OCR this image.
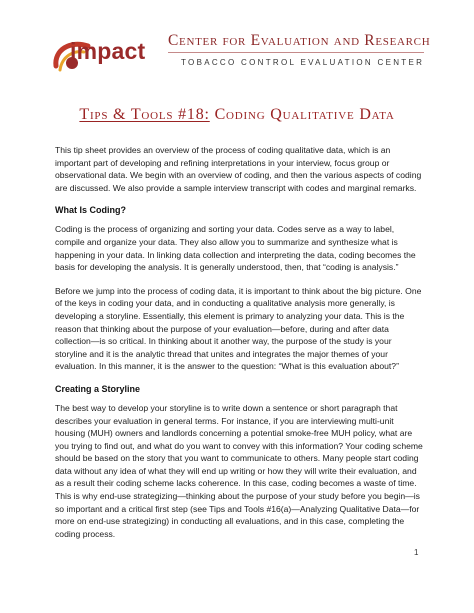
impact Center for Evaluation and Research
TOBACCO CONTROL EVALUATION CENTER
Tips & Tools #18: Coding Qualitative Data

This tip sheet provides an overview of the process of coding qualitative data, which is an important part of developing and refining interpretations in your interview, focus group or observational data. We begin with an overview of coding, and then the various aspects of coding are discussed. We also provide a sample interview transcript with codes and marginal remarks.

What Is Coding?

Coding is the process of organizing and sorting your data. Codes serve as a way to label, compile and organize your data. They also allow you to summarize and synthesize what is happening in your data. In linking data collection and interpreting the data, coding becomes the basis for developing the analysis. It is generally understood, then, that “coding is analysis.”

Before we jump into the process of coding data, it is important to think about the big picture. One of the keys in coding your data, and in conducting a qualitative analysis more generally, is developing a storyline. Essentially, this element is primary to analyzing your data. This is the reason that thinking about the purpose of your evaluation—before, during and after data collection—is so critical. In thinking about it another way, the purpose of the study is your storyline and it is the analytic thread that unites and integrates the major themes of your evaluation. In this manner, it is the answer to the question: “What is this evaluation about?”

Creating a Storyline

The best way to develop your storyline is to write down a sentence or short paragraph that describes your evaluation in general terms. For instance, if you are interviewing multi-unit housing (MUH) owners and landlords concerning a potential smoke-free MUH policy, what are you trying to find out, and what do you want to convey with this information? Your coding scheme should be based on the story that you want to communicate to others. Many people start coding data without any idea of what they will end up writing or how they will write their evaluation, and as a result their coding scheme lacks coherence. In this case, coding becomes a waste of time. This is why end-use strategizing—thinking about the purpose of your study before you begin—is so important and a critical first step (see Tips and Tools #16(a)—Analyzing Qualitative Data—for more on end-use strategizing) in conducting all evaluations, and in this case, completing the coding process.

1
